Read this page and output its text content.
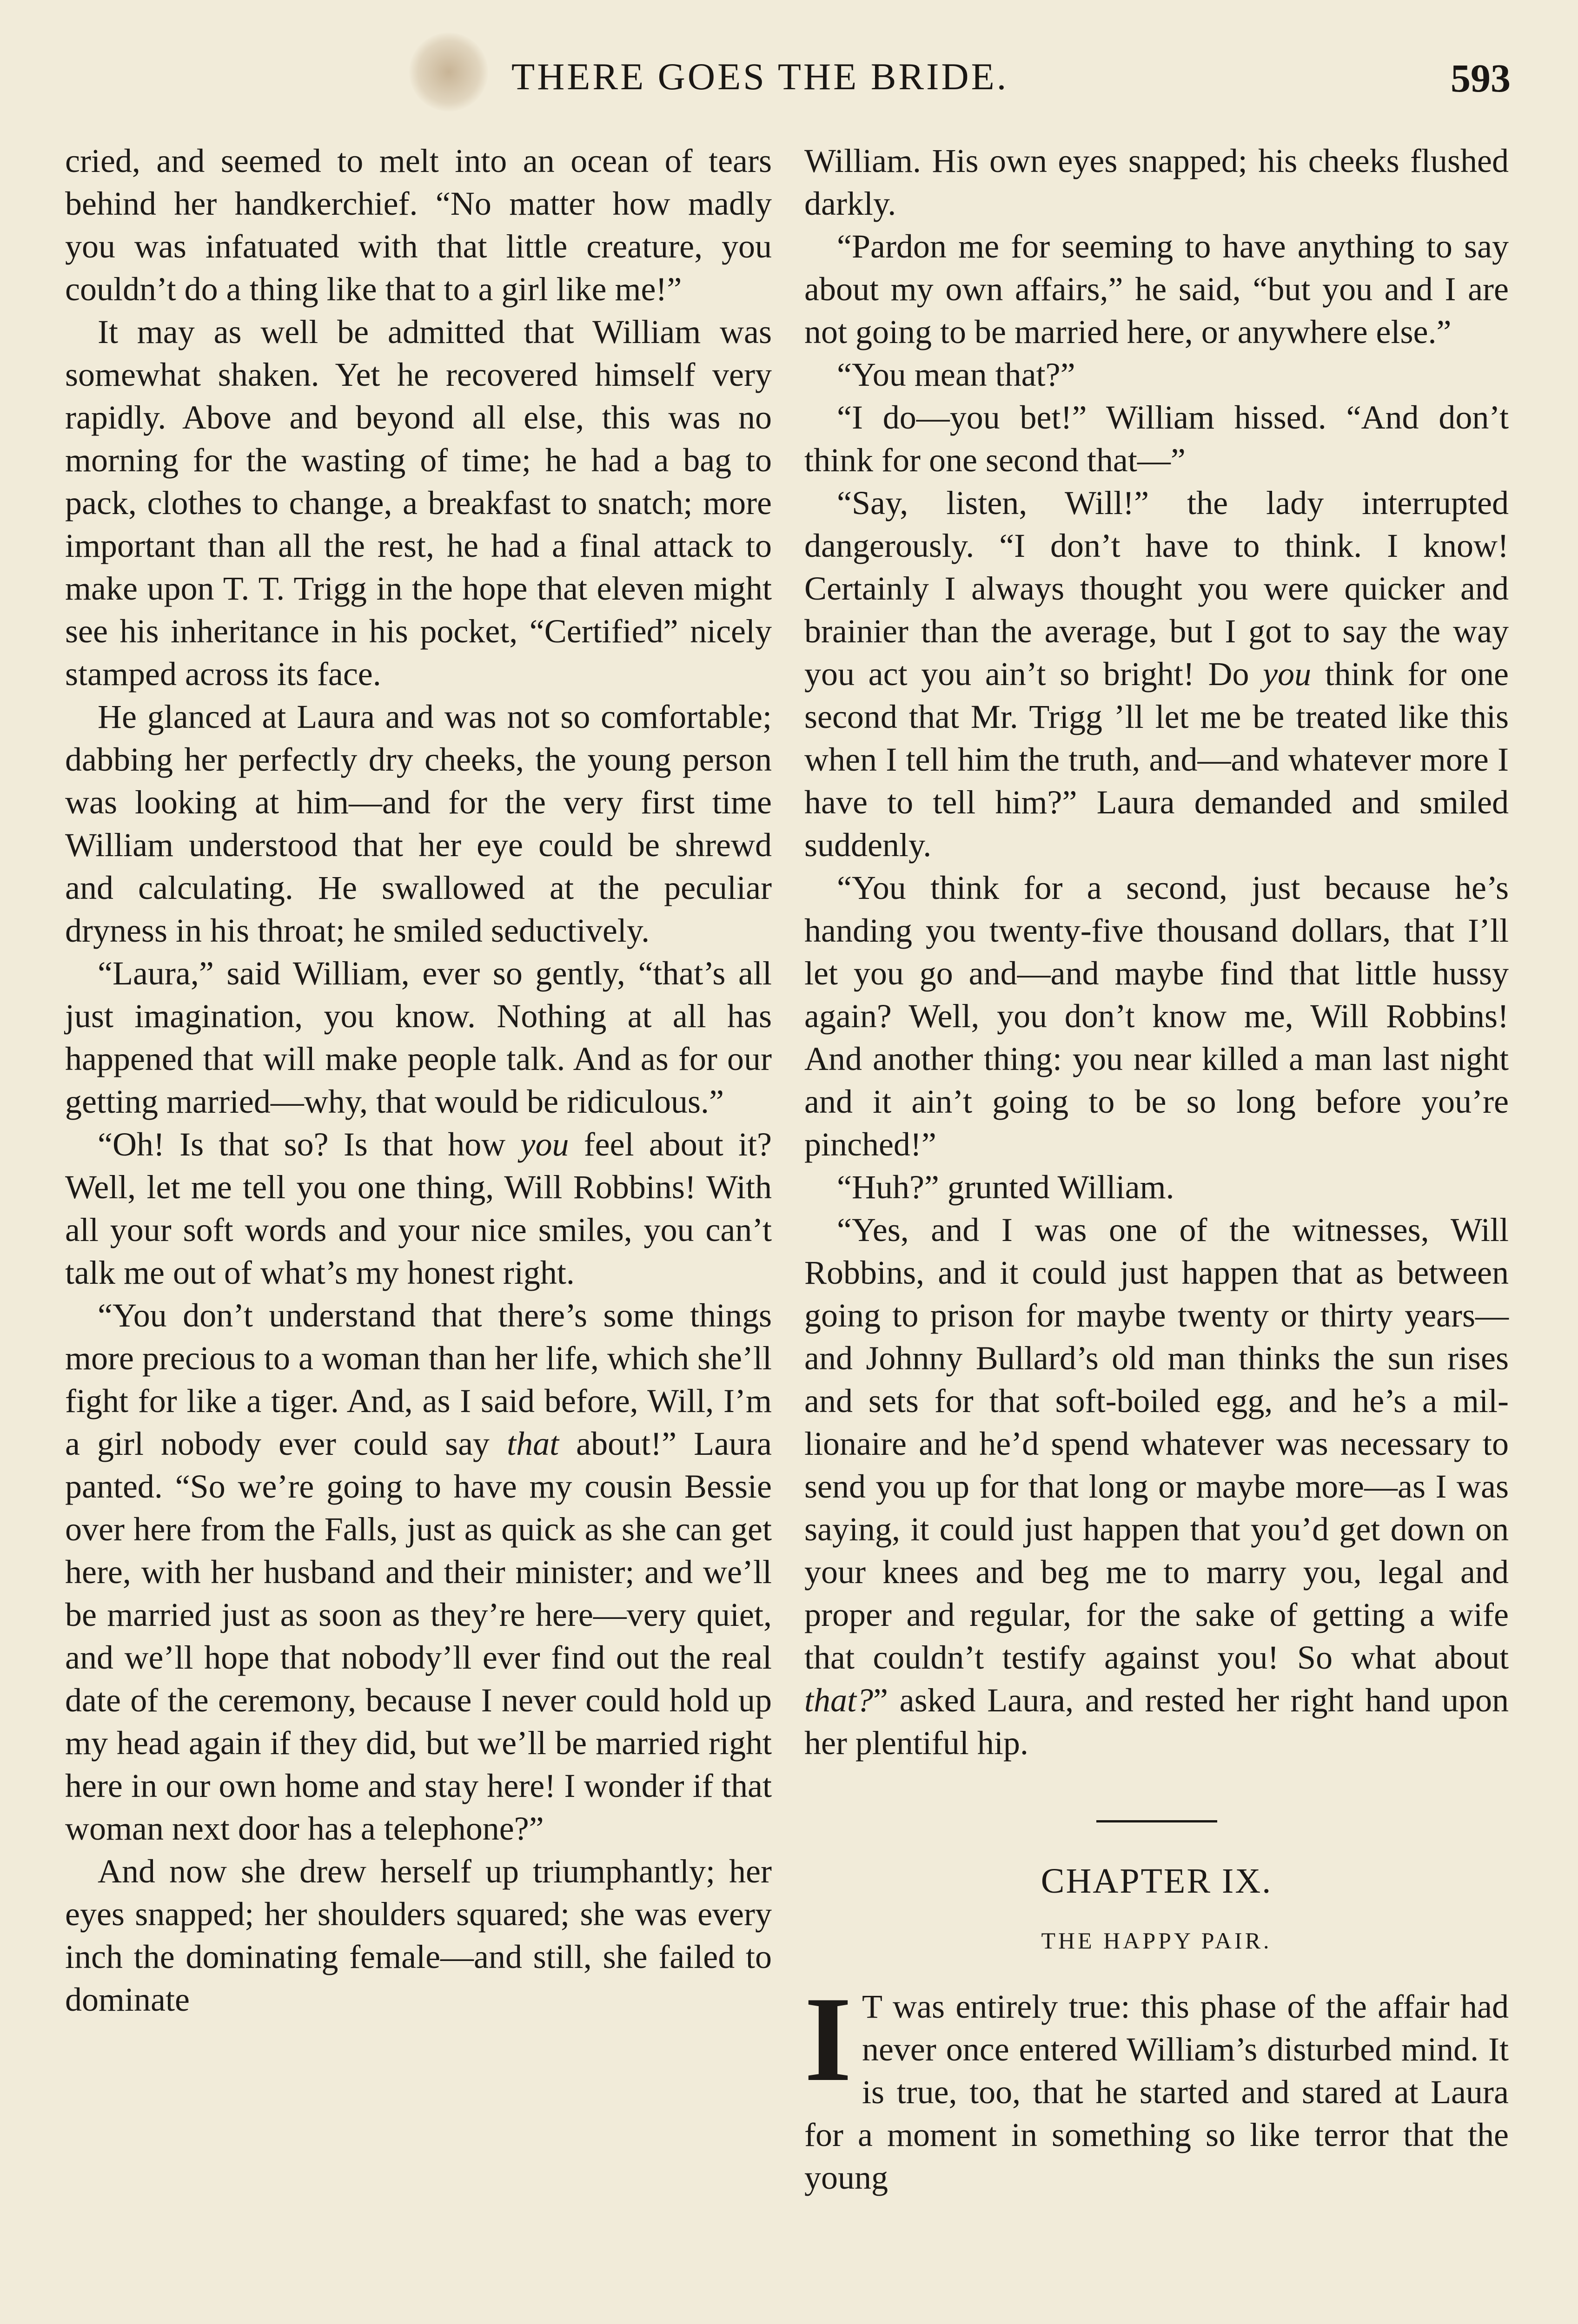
THERE GOES THE BRIDE.	593

cried, and seemed to melt into an ocean of tears behind her handkerchief. “No matter how madly you was infatuated with that little creature, you couldn’t do a thing like that to a girl like me!”

It may as well be admitted that William was somewhat shaken. Yet he recovered himself very rapidly. Above and beyond all else, this was no morning for the wasting of time; he had a bag to pack, clothes to change, a breakfast to snatch; more important than all the rest, he had a final attack to make upon T. T. Trigg in the hope that eleven might see his inheritance in his pocket, “Certified” nicely stamped across its face.

He glanced at Laura and was not so comfortable; dabbing her perfectly dry cheeks, the young person was looking at him—and for the very first time William understood that her eye could be shrewd and calculating. He swallowed at the peculiar dryness in his throat; he smiled seductively.

“Laura,” said William, ever so gently, “that’s all just imagination, you know. Nothing at all has happened that will make people talk. And as for our getting married—why, that would be ridiculous.”

“Oh! Is that so? Is that how you feel about it? Well, let me tell you one thing, Will Robbins! With all your soft words and your nice smiles, you can’t talk me out of what’s my honest right.

“You don’t understand that there’s some things more precious to a woman than her life, which she’ll fight for like a tiger. And, as I said before, Will, I’m a girl nobody ever could say that about!” Laura panted. “So we’re going to have my cousin Bessie over here from the Falls, just as quick as she can get here, with her husband and their minister; and we’ll be married just as soon as they’re here—very quiet, and we’ll hope that nobody’ll ever find out the real date of the ceremony, because I never could hold up my head again if they did, but we’ll be married right here in our own home and stay here! I wonder if that woman next door has a telephone?”

And now she drew herself up triumphantly; her eyes snapped; her shoulders squared; she was every inch the dominating female—and still, she failed to dominate

William. His own eyes snapped; his cheeks flushed darkly.

“Pardon me for seeming to have anything to say about my own affairs,” he said, “but you and I are not going to be married here, or anywhere else.”

“You mean that?”

“I do—you bet!” William hissed. “And don’t think for one second that—”

“Say, listen, Will!” the lady interrupted dangerously. “I don’t have to think. I know! Certainly I always thought you were quicker and brainier than the average, but I got to say the way you act you ain’t so bright! Do you think for one second that Mr. Trigg ’ll let me be treated like this when I tell him the truth, and—and whatever more I have to tell him?” Laura demanded and smiled suddenly.

“You think for a second, just because he’s handing you twenty-five thousand dollars, that I’ll let you go and—and maybe find that little hussy again? Well, you don’t know me, Will Robbins! And another thing: you near killed a man last night and it ain’t going to be so long before you’re pinched!”

“Huh?” grunted William.

“Yes, and I was one of the witnesses, Will Robbins, and it could just happen that as between going to prison for maybe twenty or thirty years—and Johnny Bullard’s old man thinks the sun rises and sets for that soft-boiled egg, and he’s a millionaire and he’d spend whatever was necessary to send you up for that long or maybe more—as I was saying, it could just happen that you’d get down on your knees and beg me to marry you, legal and proper and regular, for the sake of getting a wife that couldn’t testify against you! So what about that?” asked Laura, and rested her right hand upon her plentiful hip.

CHAPTER IX.
THE HAPPY PAIR.

I T was entirely true: this phase of the affair had never once entered William’s disturbed mind. It is true, too, that he started and stared at Laura for a moment in something so like terror that the young
